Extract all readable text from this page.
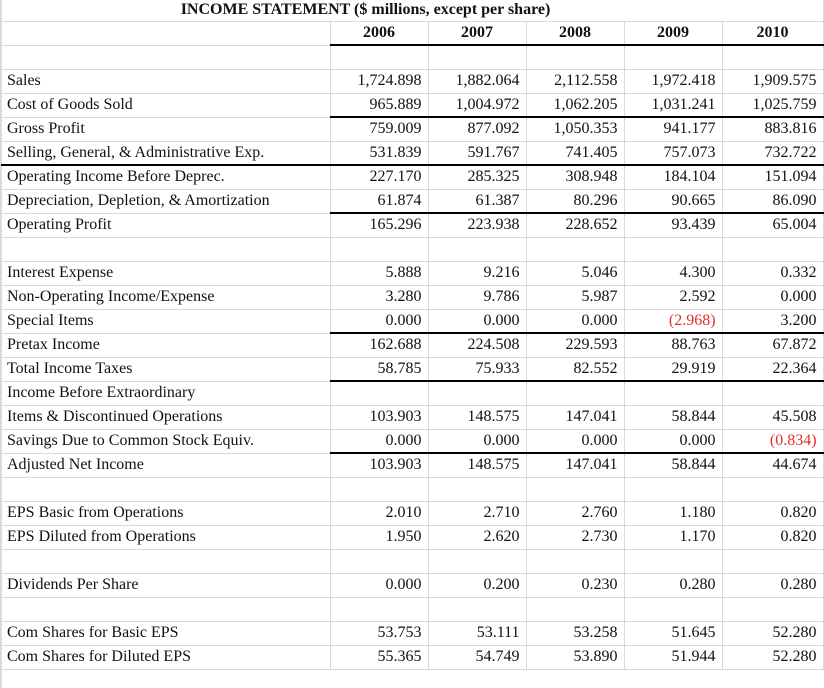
INCOME STATEMENT ($ millions, except per share)					
	2006	2007	2008	2009	2010

Sales	1,724.898	1,882.064	2,112.558	1,972.418	1,909.575
Cost of Goods Sold	965.889	1,004.972	1,062.205	1,031.241	1,025.759
Gross Profit	759.009	877.092	1,050.353	941.177	883.816
Selling, General, & Administrative Exp.	531.839	591.767	741.405	757.073	732.722
Operating Income Before Deprec.	227.170	285.325	308.948	184.104	151.094
Depreciation, Depletion, & Amortization	61.874	61.387	80.296	90.665	86.090
Operating Profit	165.296	223.938	228.652	93.439	65.004

Interest Expense	5.888	9.216	5.046	4.300	0.332
Non-Operating Income/Expense	3.280	9.786	5.987	2.592	0.000
Special Items	0.000	0.000	0.000	(2.968)	3.200
Pretax Income	162.688	224.508	229.593	88.763	67.872
Total Income Taxes	58.785	75.933	82.552	29.919	22.364
Income Before Extraordinary					
Items & Discontinued Operations	103.903	148.575	147.041	58.844	45.508
Savings Due to Common Stock Equiv.	0.000	0.000	0.000	0.000	(0.834)
Adjusted Net Income	103.903	148.575	147.041	58.844	44.674

EPS Basic from Operations	2.010	2.710	2.760	1.180	0.820
EPS Diluted from Operations	1.950	2.620	2.730	1.170	0.820

Dividends Per Share	0.000	0.200	0.230	0.280	0.280

Com Shares for Basic EPS	53.753	53.111	53.258	51.645	52.280
Com Shares for Diluted EPS	55.365	54.749	53.890	51.944	52.280
